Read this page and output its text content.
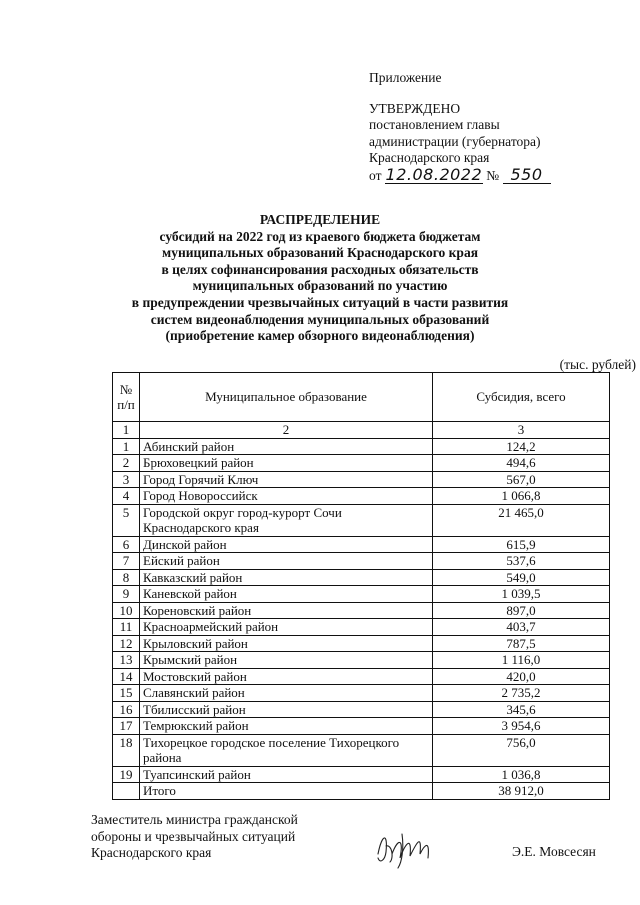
Приложение
УТВЕРЖДЕНО
постановлением главы
администрации (губернатора)
Краснодарского края
от 12.08.2022 № 550
РАСПРЕДЕЛЕНИЕ
субсидий на 2022 год из краевого бюджета бюджетам
муниципальных образований Краснодарского края
в целях софинансирования расходных обязательств
муниципальных образований по участию
в предупреждении чрезвычайных ситуаций в части развития
систем видеонаблюдения муниципальных образований
(приобретение камер обзорного видеонаблюдения)
(тыс. рублей)
№ п/п	Муниципальное образование	Субсидия, всего
1	2	3
1	Абинский район	124,2
2	Брюховецкий район	494,6
3	Город Горячий Ключ	567,0
4	Город Новороссийск	1 066,8
5	Городской округ город-курорт Сочи Краснодарского края	21 465,0
6	Динской район	615,9
7	Ейский район	537,6
8	Кавказский район	549,0
9	Каневской район	1 039,5
10	Кореновский район	897,0
11	Красноармейский район	403,7
12	Крыловский район	787,5
13	Крымский район	1 116,0
14	Мостовский район	420,0
15	Славянский район	2 735,2
16	Тбилисский район	345,6
17	Темрюкский район	3 954,6
18	Тихорецкое городское поселение Тихорецкого района	756,0
19	Туапсинский район	1 036,8
	Итого	38 912,0
Заместитель министра гражданской
обороны и чрезвычайных ситуаций
Краснодарского края	Э.Е. Мовсесян
